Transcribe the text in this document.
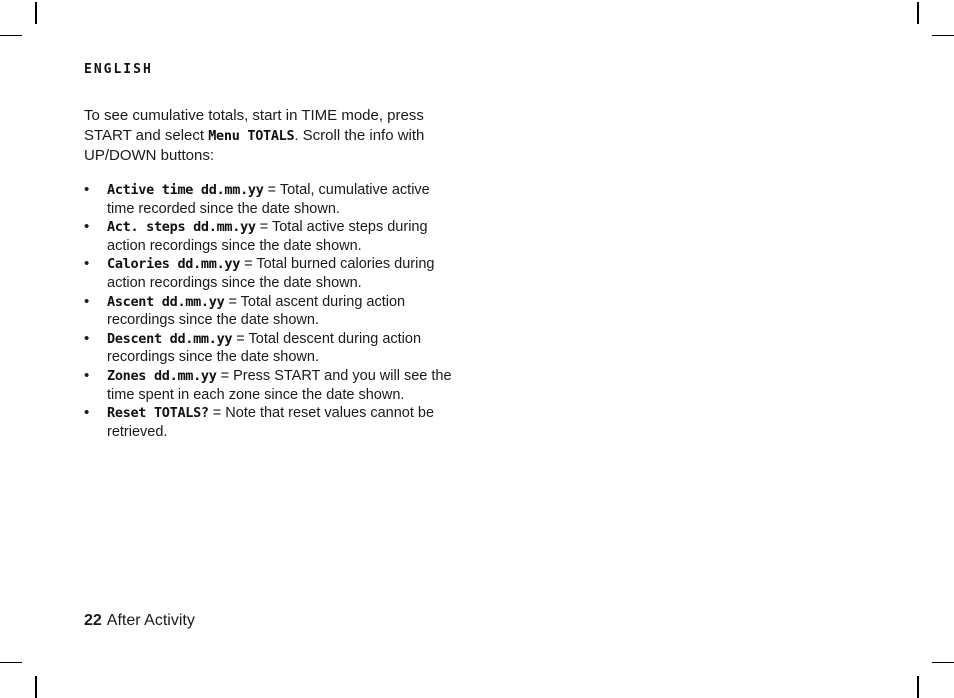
ENGLISH

To see cumulative totals, start in TIME mode, press START and select Menu TOTALS. Scroll the info with UP/DOWN buttons:

• Active time dd.mm.yy = Total, cumulative active time recorded since the date shown.
• Act. steps dd.mm.yy = Total active steps during action recordings since the date shown.
• Calories dd.mm.yy = Total burned calories during action recordings since the date shown.
• Ascent dd.mm.yy = Total ascent during action recordings since the date shown.
• Descent dd.mm.yy = Total descent during action recordings since the date shown.
• Zones dd.mm.yy = Press START and you will see the time spent in each zone since the date shown.
• Reset TOTALS? = Note that reset values cannot be retrieved.
22 After Activity
